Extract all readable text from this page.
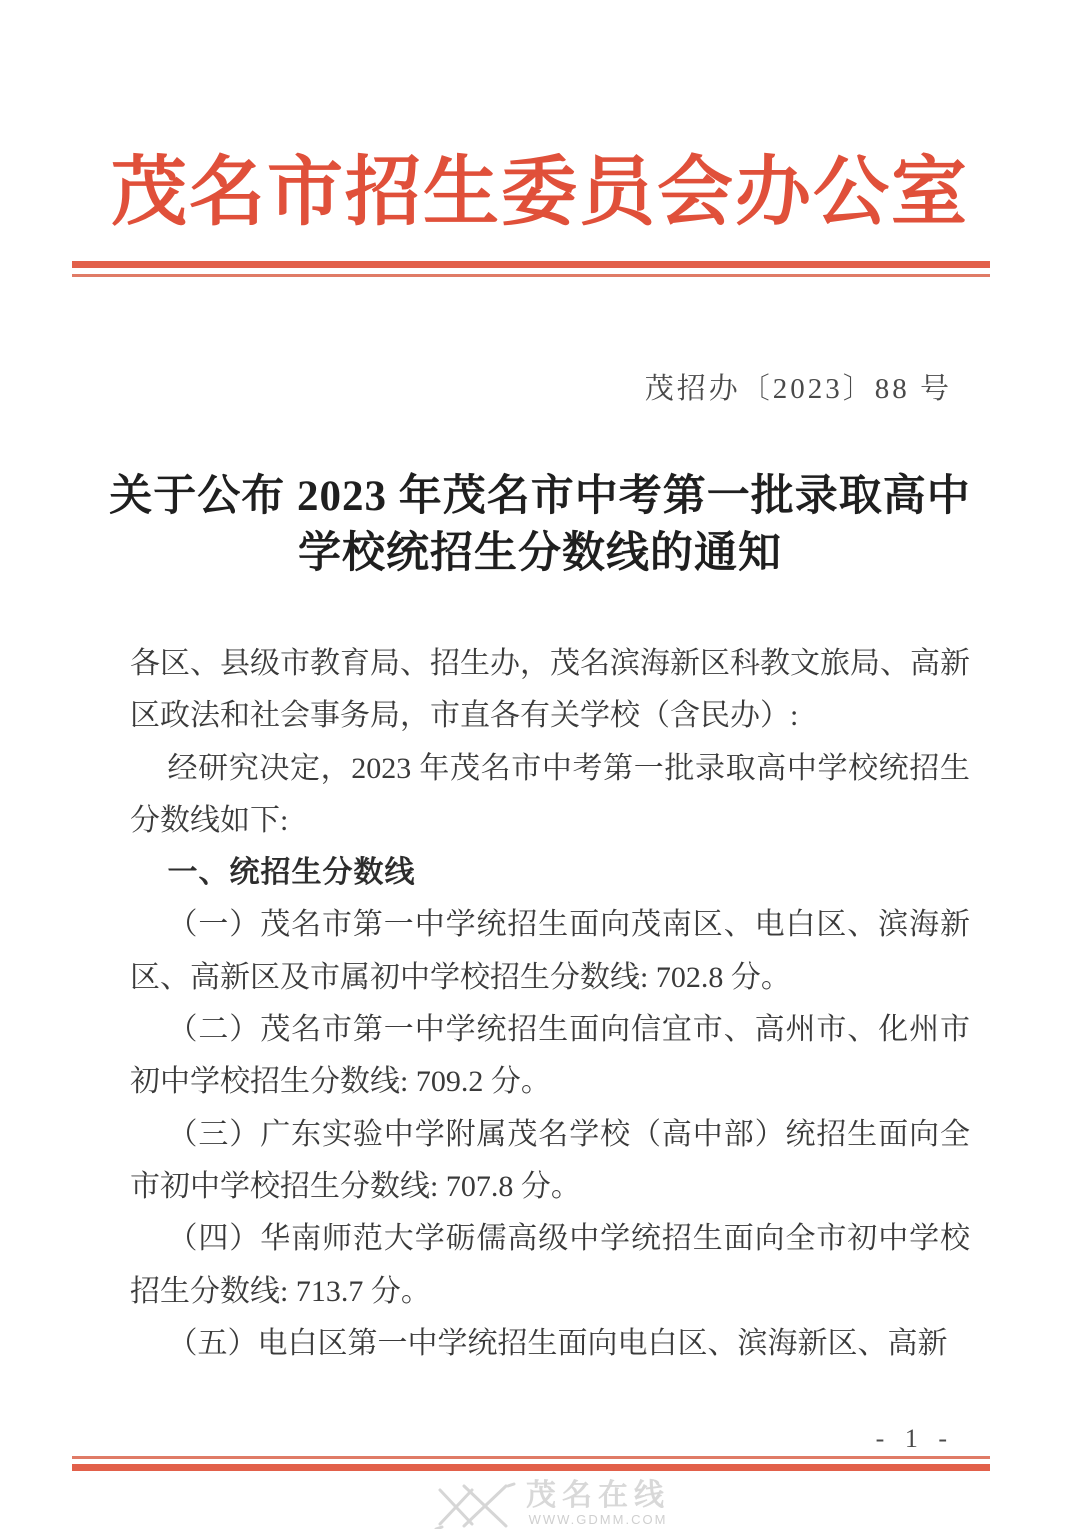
茂名市招生委员会办公室
茂招办〔2023〕88 号
关于公布 2023 年茂名市中考第一批录取高中
学校统招生分数线的通知

各区、县级市教育局、招生办，茂名滨海新区科教文旅局、高新区政法和社会事务局，市直各有关学校（含民办）:

经研究决定，2023 年茂名市中考第一批录取高中学校统招生分数线如下:

一、统招生分数线

（一）茂名市第一中学统招生面向茂南区、电白区、滨海新区、高新区及市属初中学校招生分数线: 702.8 分。

（二）茂名市第一中学统招生面向信宜市、高州市、化州市初中学校招生分数线: 709.2 分。

（三）广东实验中学附属茂名学校（高中部）统招生面向全市初中学校招生分数线: 707.8 分。

（四）华南师范大学砺儒高级中学统招生面向全市初中学校招生分数线: 713.7 分。

（五）电白区第一中学统招生面向电白区、滨海新区、高新

- 1 -
茂名在线
WWW.GDMM.COM
